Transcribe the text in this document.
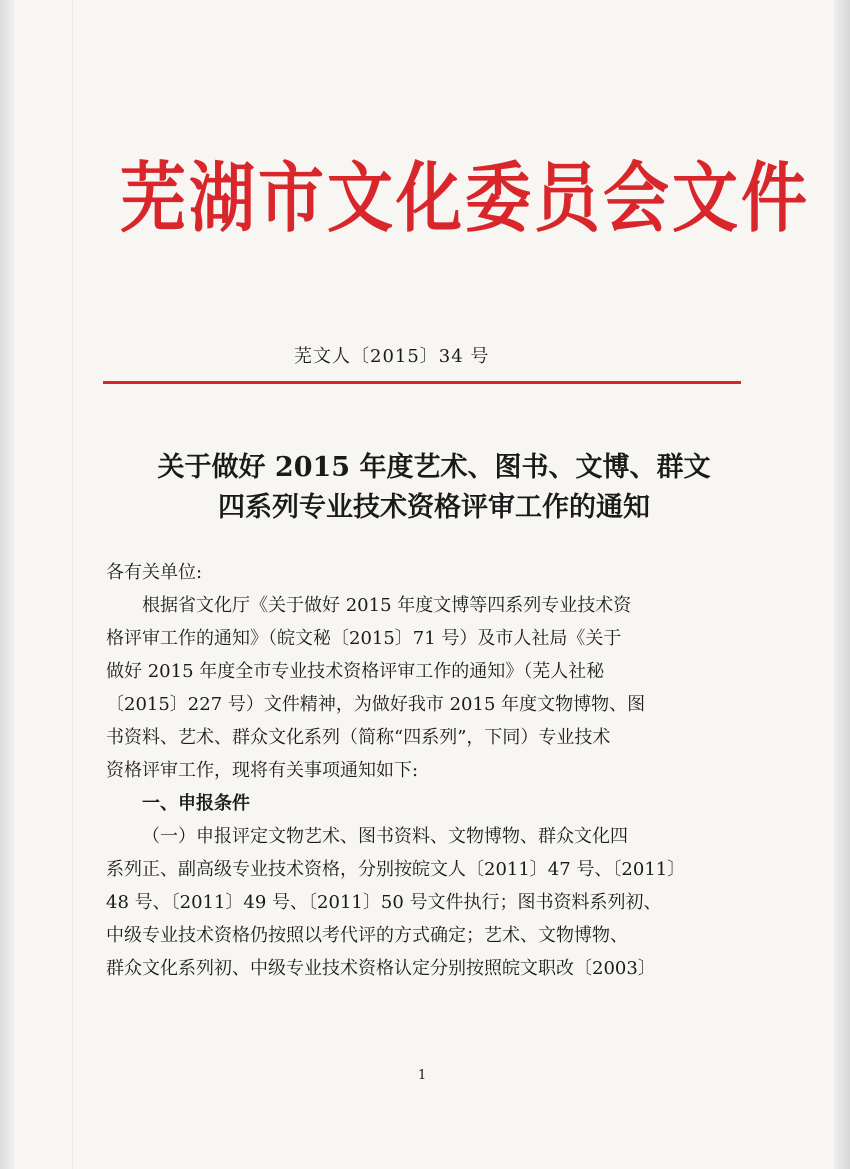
芜湖市文化委员会文件
芜文人〔2015〕34 号
关于做好 2015 年度艺术、图书、文博、群文
四系列专业技术资格评审工作的通知

各有关单位:

根据省文化厅《关于做好 2015 年度文博等四系列专业技术资

格评审工作的通知》（皖文秘〔2015〕71 号）及市人社局《关于

做好 2015 年度全市专业技术资格评审工作的通知》（芜人社秘

〔2015〕227 号）文件精神，为做好我市 2015 年度文物博物、图

书资料、艺术、群众文化系列（简称“四系列”，下同）专业技术

资格评审工作，现将有关事项通知如下:

一、申报条件

（一）申报评定文物艺术、图书资料、文物博物、群众文化四

系列正、副高级专业技术资格，分别按皖文人〔2011〕47 号、〔2011〕

48 号、〔2011〕49 号、〔2011〕50 号文件执行；图书资料系列初、

中级专业技术资格仍按照以考代评的方式确定；艺术、文物博物、

群众文化系列初、中级专业技术资格认定分别按照皖文职改〔2003〕

1
